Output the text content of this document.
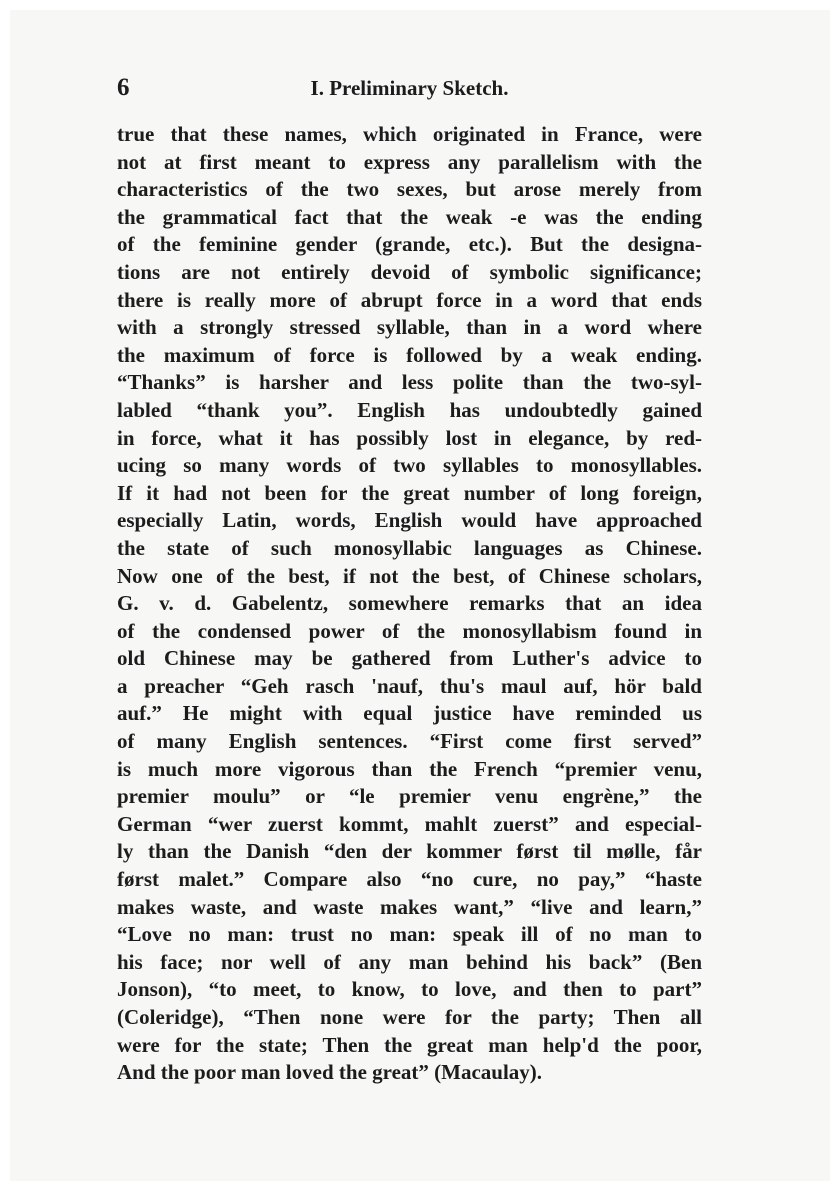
6	I. Preliminary Sketch.
true that these names, which originated in France, were
not at first meant to express any parallelism with the
characteristics of the two sexes, but arose merely from
the grammatical fact that the weak -e was the ending
of the feminine gender (grande, etc.). But the designa-
tions are not entirely devoid of symbolic significance;
there is really more of abrupt force in a word that ends
with a strongly stressed syllable, than in a word where
the maximum of force is followed by a weak ending.
“Thanks” is harsher and less polite than the two-syl-
labled “thank you”. English has undoubtedly gained
in force, what it has possibly lost in elegance, by red-
ucing so many words of two syllables to monosyllables.
If it had not been for the great number of long foreign,
especially Latin, words, English would have approached
the state of such monosyllabic languages as Chinese.
Now one of the best, if not the best, of Chinese scholars,
G. v. d. Gabelentz, somewhere remarks that an idea
of the condensed power of the monosyllabism found in
old Chinese may be gathered from Luther's advice to
a preacher “Geh rasch 'nauf, thu's maul auf, hör bald
auf.” He might with equal justice have reminded us
of many English sentences. “First come first served”
is much more vigorous than the French “premier venu,
premier moulu” or “le premier venu engrène,” the
German “wer zuerst kommt, mahlt zuerst” and especial-
ly than the Danish “den der kommer først til mølle, får
først malet.” Compare also “no cure, no pay,” “haste
makes waste, and waste makes want,” “live and learn,”
“Love no man: trust no man: speak ill of no man to
his face; nor well of any man behind his back” (Ben
Jonson), “to meet, to know, to love, and then to part”
(Coleridge), “Then none were for the party; Then all
were for the state; Then the great man help'd the poor,
And the poor man loved the great” (Macaulay).
